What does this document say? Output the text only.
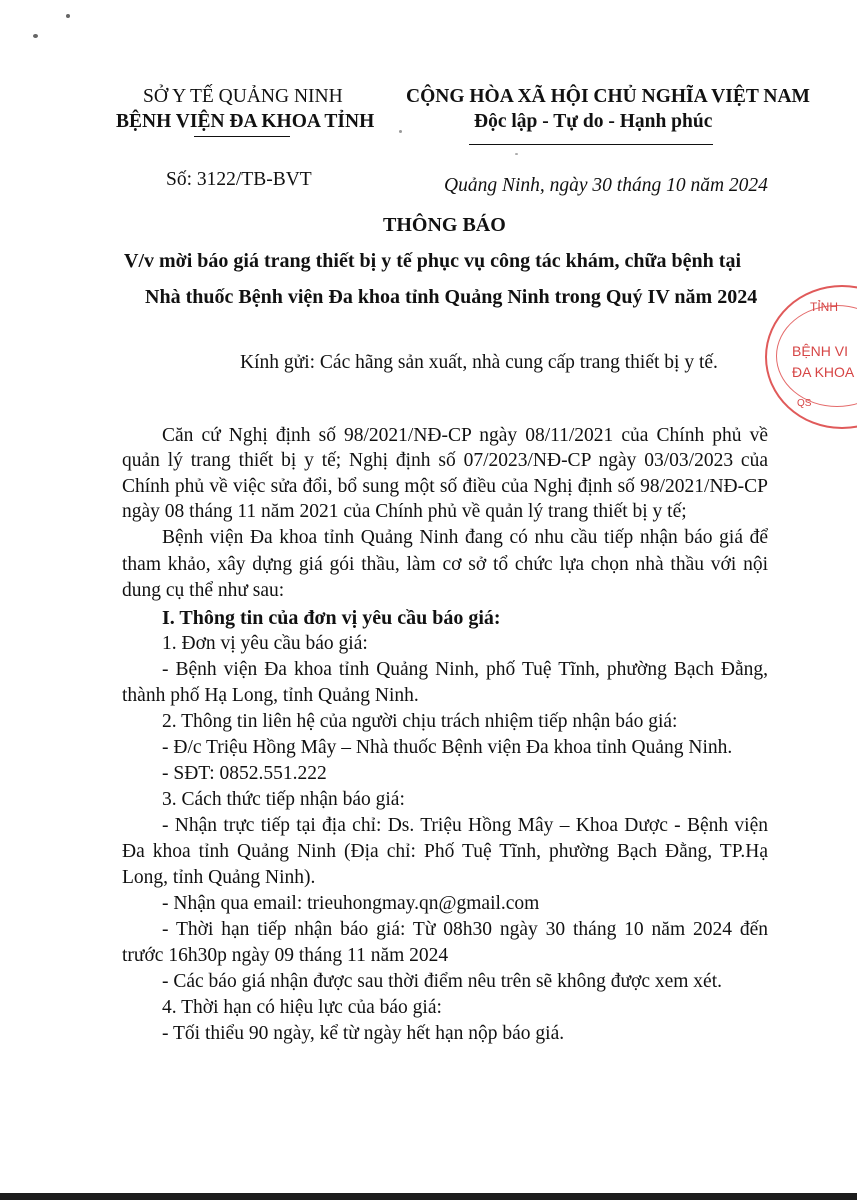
SỞ Y TẾ QUẢNG NINH
BỆNH VIỆN ĐA KHOA TỈNH
CỘNG HÒA XÃ HỘI CHỦ NGHĨA VIỆT NAM
Độc lập - Tự do - Hạnh phúc
Số: 3122/TB-BVT	Quảng Ninh, ngày 30 tháng 10 năm 2024
THÔNG BÁO
V/v mời báo giá trang thiết bị y tế phục vụ công tác khám, chữa bệnh tại
Nhà thuốc Bệnh viện Đa khoa tỉnh Quảng Ninh trong Quý IV năm 2024	TỈNH
BỆNH VI
ĐA KHOA
QS
Kính gửi: Các hãng sản xuất, nhà cung cấp trang thiết bị y tế.
Căn cứ Nghị định số 98/2021/NĐ-CP ngày 08/11/2021 của Chính phủ về
quản lý trang thiết bị y tế; Nghị định số 07/2023/NĐ-CP ngày 03/03/2023 của
Chính phủ về việc sửa đổi, bổ sung một số điều của Nghị định số 98/2021/NĐ-CP
ngày 08 tháng 11 năm 2021 của Chính phủ về quản lý trang thiết bị y tế;
Bệnh viện Đa khoa tỉnh Quảng Ninh đang có nhu cầu tiếp nhận báo giá để
tham khảo, xây dựng giá gói thầu, làm cơ sở tổ chức lựa chọn nhà thầu với nội
dung cụ thể như sau:
I. Thông tin của đơn vị yêu cầu báo giá:
1. Đơn vị yêu cầu báo giá:
- Bệnh viện Đa khoa tỉnh Quảng Ninh, phố Tuệ Tĩnh, phường Bạch Đằng,
thành phố Hạ Long, tỉnh Quảng Ninh.
2. Thông tin liên hệ của người chịu trách nhiệm tiếp nhận báo giá:
- Đ/c Triệu Hồng Mây – Nhà thuốc Bệnh viện Đa khoa tỉnh Quảng Ninh.
- SĐT: 0852.551.222
3. Cách thức tiếp nhận báo giá:
- Nhận trực tiếp tại địa chỉ: Ds. Triệu Hồng Mây – Khoa Dược - Bệnh viện
Đa khoa tỉnh Quảng Ninh (Địa chỉ: Phố Tuệ Tĩnh, phường Bạch Đằng, TP.Hạ
Long, tỉnh Quảng Ninh).
- Nhận qua email: trieuhongmay.qn@gmail.com
- Thời hạn tiếp nhận báo giá: Từ 08h30 ngày 30 tháng 10 năm 2024 đến
trước 16h30p ngày 09 tháng 11 năm 2024
- Các báo giá nhận được sau thời điểm nêu trên sẽ không được xem xét.
4. Thời hạn có hiệu lực của báo giá:
- Tối thiểu 90 ngày, kể từ ngày hết hạn nộp báo giá.
